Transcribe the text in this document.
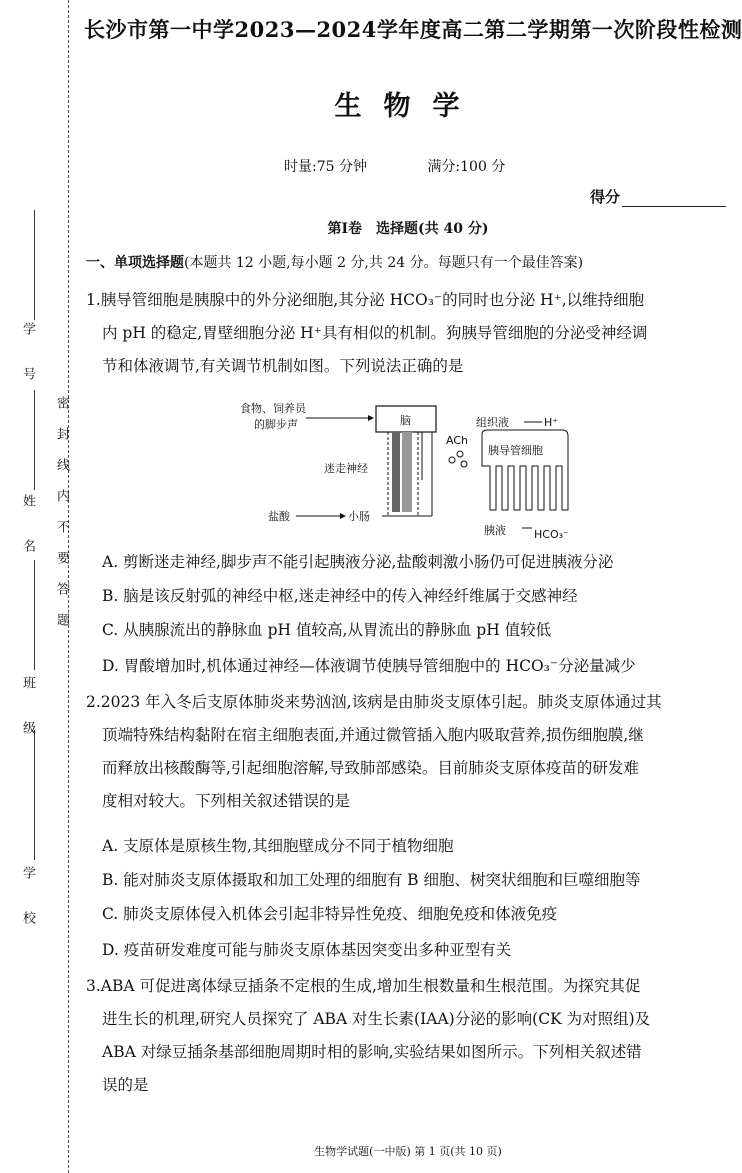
学 号
姓 名
班 级
学 校
密封线内不要答题
长沙市第一中学2023—2024学年度高二第二学期第一次阶段性检测
生物学
时量:75 分钟	满分:100 分
得分
第Ⅰ卷　选择题(共 40 分)
一、单项选择题(本题共 12 小题,每小题 2 分,共 24 分。每题只有一个最佳答案)
1.胰导管细胞是胰腺中的外分泌细胞,其分泌 HCO₃⁻的同时也分泌 H⁺,以维持细胞
内 pH 的稳定,胃壁细胞分泌 H⁺具有相似的机制。狗胰导管细胞的分泌受神经调
节和体液调节,有关调节机制如图。下列说法正确的是
食物、饲养员
的脚步声	脑
迷走神经
盐酸	小肠
ACh
组织液	H⁺
胰导管细胞
胰液	HCO₃⁻
A. 剪断迷走神经,脚步声不能引起胰液分泌,盐酸刺激小肠仍可促进胰液分泌
B. 脑是该反射弧的神经中枢,迷走神经中的传入神经纤维属于交感神经
C. 从胰腺流出的静脉血 pH 值较高,从胃流出的静脉血 pH 值较低
D. 胃酸增加时,机体通过神经—体液调节使胰导管细胞中的 HCO₃⁻分泌量减少
2.2023 年入冬后支原体肺炎来势汹汹,该病是由肺炎支原体引起。肺炎支原体通过其
顶端特殊结构黏附在宿主细胞表面,并通过微管插入胞内吸取营养,损伤细胞膜,继
而释放出核酸酶等,引起细胞溶解,导致肺部感染。目前肺炎支原体疫苗的研发难
度相对较大。下列相关叙述错误的是
A. 支原体是原核生物,其细胞壁成分不同于植物细胞
B. 能对肺炎支原体摄取和加工处理的细胞有 B 细胞、树突状细胞和巨噬细胞等
C. 肺炎支原体侵入机体会引起非特异性免疫、细胞免疫和体液免疫
D. 疫苗研发难度可能与肺炎支原体基因突变出多种亚型有关
3.ABA 可促进离体绿豆插条不定根的生成,增加生根数量和生根范围。为探究其促
进生长的机理,研究人员探究了 ABA 对生长素(IAA)分泌的影响(CK 为对照组)及
ABA 对绿豆插条基部细胞周期时相的影响,实验结果如图所示。下列相关叙述错
误的是
生物学试题(一中版) 第 1 页(共 10 页)
